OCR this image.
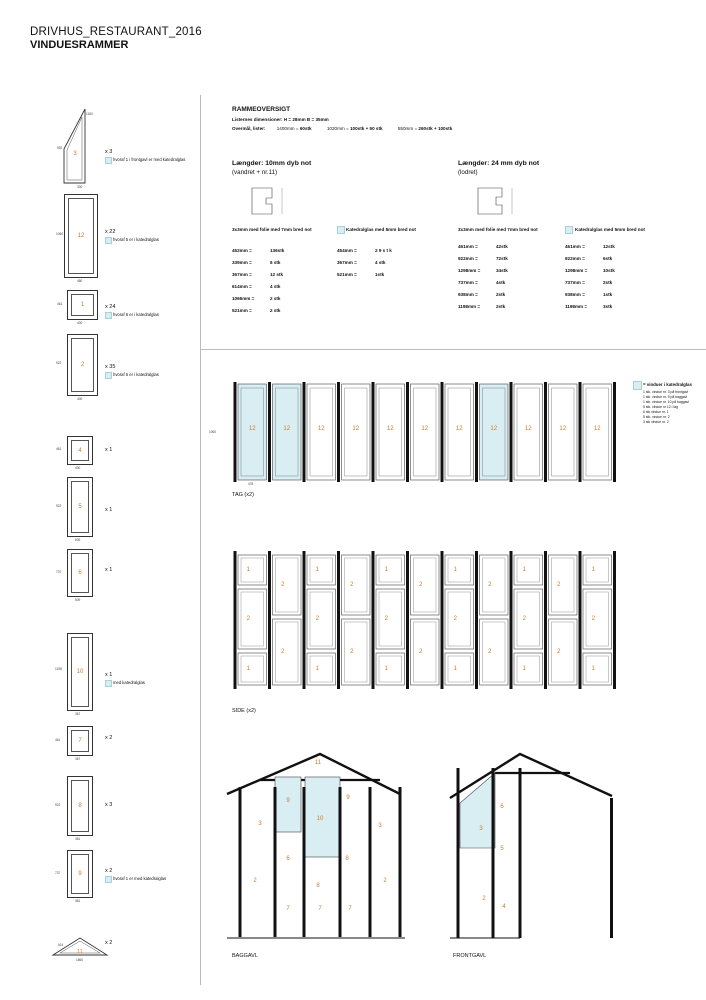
DRIVHUS_RESTAURANT_2016
VINDUESRAMMER
3
592
300
1160
x 3
hvoraf 1 i frontgavl er med katedralglas
12
1060
480
x 22
hvoraf 5 er i katedralglas
1
461
400
x 24
hvoraf 6 er i katedralglas
2
922
400
x 35
hvoraf 5 er i katedralglas
4
461
400
x 1
5
922
509
x 1
6
737
509
x 1
10
1198
367
x 1
med katedralglas
7
461
367
x 2
8
922
381
x 3
9
737
381
x 2
hvoraf 1 er med katedralglas
11
614
1860
x 2
RAMMEOVERSIGT
Listernes dimensioner: H = 28mm B = 35mm
Overmål, lister: 1400mm = 60stk	1020mm = 100stk + 50 stk	550mm = 260stk + 100stk
Længder: 10mm dyb not
(vandret + nr.11)
3x3mm med folie med 7mm bred not	Katedralglas med 5mm bred not
452mm =	136stk
339mm =	6 stk
367mm =	12 stk
614mm =	4 stk
1066mm =	2 stk
521mm =	2 stk
454mm =	2 9 s t k
367mm =	4 stk
521mm =	1stk
Længder: 24 mm dyb not
(lodret)
3x3mm med folie med 7mm bred not	Katedralglas med 5mm bred not
461mm =	42stk
922mm =	72stk
1298mm =	34stk
737mm =	4stk
938mm =	2stk
1198mm =	2stk
461mm =	12stk
922mm =	6stk
1298mm =	10stk
737mm =	2stk
938mm =	1stk
1198mm =	3stk
= vinduer i katedralglas
1 stk. vindue nr. 3 på frontgavl
1 stk. vindue nr. 9 på baggavl
1 stk. vindue nr. 10 på baggavl
5 stk. vindue nr 12 i tag
6 stk vindue nr. 1
5 stk. vindue nr. 2
3 stk vindue nr. 2
12	12	12	12	12	12	12	12	12	12	12
1060
478
TAG (x2)
1
2
1
2
2
1
2
1
2
2
1
2
1
2
2
1
2
1
2
2
1
2
1
2
2
1
2
1
SIDE (x2)
11
9	9
10
3	3
6	8
2
8
2
7	7	7
BAGGAVL
3
6
5
2
4
FRONTGAVL
